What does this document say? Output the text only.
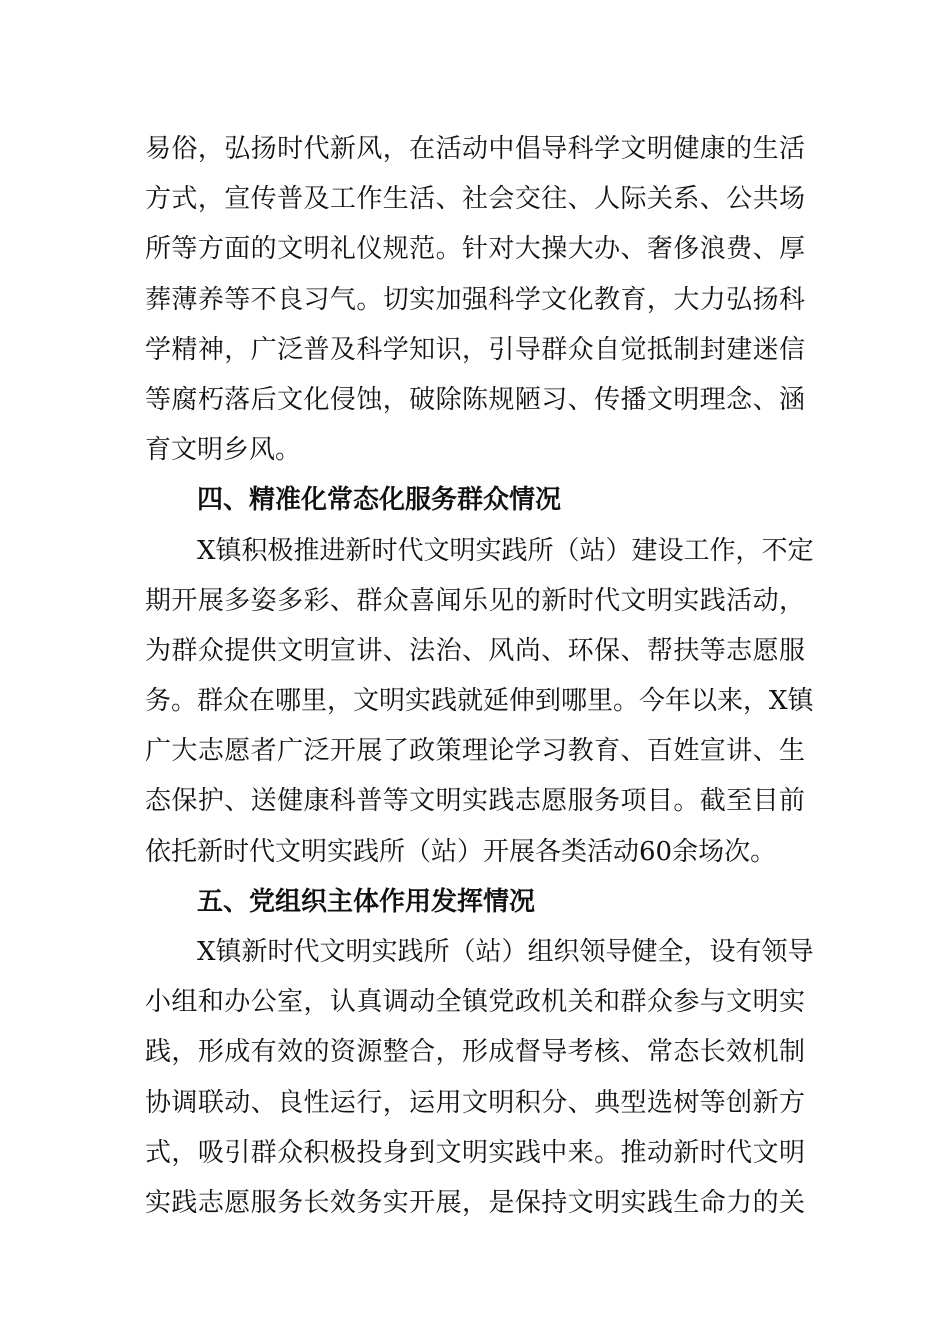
易俗，弘扬时代新风，在活动中倡导科学文明健康的生活
方式，宣传普及工作生活、社会交往、人际关系、公共场
所等方面的文明礼仪规范。针对大操大办、奢侈浪费、厚
葬薄养等不良习气。切实加强科学文化教育，大力弘扬科
学精神，广泛普及科学知识，引导群众自觉抵制封建迷信
等腐朽落后文化侵蚀，破除陈规陋习、传播文明理念、涵
育文明乡风。
四、精准化常态化服务群众情况
X镇积极推进新时代文明实践所（站）建设工作，不定
期开展多姿多彩、群众喜闻乐见的新时代文明实践活动，
为群众提供文明宣讲、法治、风尚、环保、帮扶等志愿服
务。群众在哪里，文明实践就延伸到哪里。今年以来，X镇
广大志愿者广泛开展了政策理论学习教育、百姓宣讲、生
态保护、送健康科普等文明实践志愿服务项目。截至目前
依托新时代文明实践所（站）开展各类活动60余场次。
五、党组织主体作用发挥情况
X镇新时代文明实践所（站）组织领导健全，设有领导
小组和办公室，认真调动全镇党政机关和群众参与文明实
践，形成有效的资源整合，形成督导考核、常态长效机制
协调联动、良性运行，运用文明积分、典型选树等创新方
式，吸引群众积极投身到文明实践中来。推动新时代文明
实践志愿服务长效务实开展，是保持文明实践生命力的关
